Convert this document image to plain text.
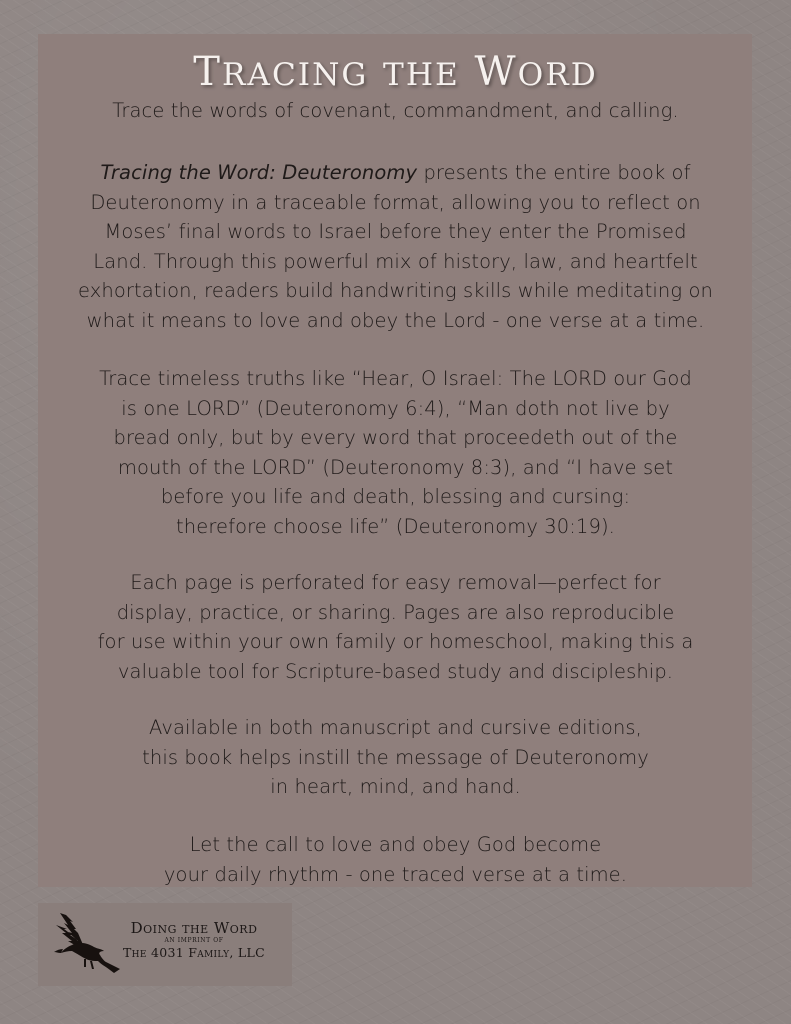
TRACING THE WORD
Trace the words of covenant, commandment, and calling.
Tracing the Word: Deuteronomy presents the entire book of
Deuteronomy in a traceable format, allowing you to reflect on
Moses’ final words to Israel before they enter the Promised
Land. Through this powerful mix of history, law, and heartfelt
exhortation, readers build handwriting skills while meditating on
what it means to love and obey the Lord - one verse at a time.
Trace timeless truths like “Hear, O Israel: The LORD our God
is one LORD” (Deuteronomy 6:4), “Man doth not live by
bread only, but by every word that proceedeth out of the
mouth of the LORD” (Deuteronomy 8:3), and “I have set
before you life and death, blessing and cursing:
therefore choose life” (Deuteronomy 30:19).
Each page is perforated for easy removal—perfect for
display, practice, or sharing. Pages are also reproducible
for use within your own family or homeschool, making this a
valuable tool for Scripture-based study and discipleship.
Available in both manuscript and cursive editions,
this book helps instill the message of Deuteronomy
in heart, mind, and hand.
Let the call to love and obey God become
your daily rhythm - one traced verse at a time.
Doing the Word
AN IMPRINT OF
The 4031 Family, LLC
